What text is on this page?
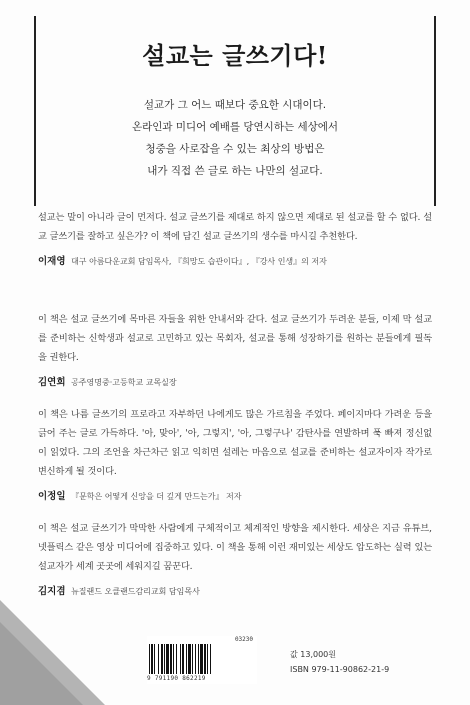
설교는 글쓰기다!
설교가 그 어느 때보다 중요한 시대이다.
온라인과 미디어 예배를 당연시하는 세상에서
청중을 사로잡을 수 있는 최상의 방법은
내가 직접 쓴 글로 하는 나만의 설교다.

설교는 말이 아니라 글이 먼저다. 설교 글쓰기를 제대로 하지 않으면 제대로 된 설교를 할 수 없다. 설교 글쓰기를 잘하고 싶은가? 이 책에 담긴 설교 글쓰기의 생수를 마시길 추천한다.

이재영 대구 아름다운교회 담임목사, 『희망도 습관이다』, 『강사 인생』의 저자

이 책은 설교 글쓰기에 목마른 자들을 위한 안내서와 같다. 설교 글쓰기가 두려운 분들, 이제 막 설교를 준비하는 신학생과 설교로 고민하고 있는 목회자, 설교를 통해 성장하기를 원하는 분들에게 필독을 권한다.

김연희 공주영명중·고등학교 교목실장

이 책은 나름 글쓰기의 프로라고 자부하던 나에게도 많은 가르침을 주었다. 페이지마다 가려운 등을 긁어 주는 글로 가득하다. '아, 맞아', '아, 그렇지', '아, 그렇구나' 감탄사를 연발하며 푹 빠져 정신없이 읽었다. 그의 조언을 차근차근 읽고 익히면 설레는 마음으로 설교를 준비하는 설교자이자 작가로 변신하게 될 것이다.

이정일 『문학은 어떻게 신앙을 더 깊게 만드는가』 저자

이 책은 설교 글쓰기가 막막한 사람에게 구체적이고 체계적인 방향을 제시한다. 세상은 지금 유튜브, 넷플릭스 같은 영상 미디어에 집중하고 있다. 이 책을 통해 이런 재미있는 세상도 압도하는 실력 있는 설교자가 세계 곳곳에 세워지길 꿈꾼다.

김지겸 뉴질랜드 오클랜드감리교회 담임목사
03230
9 791190 862219
값 13,000원
ISBN 979-11-90862-21-9
